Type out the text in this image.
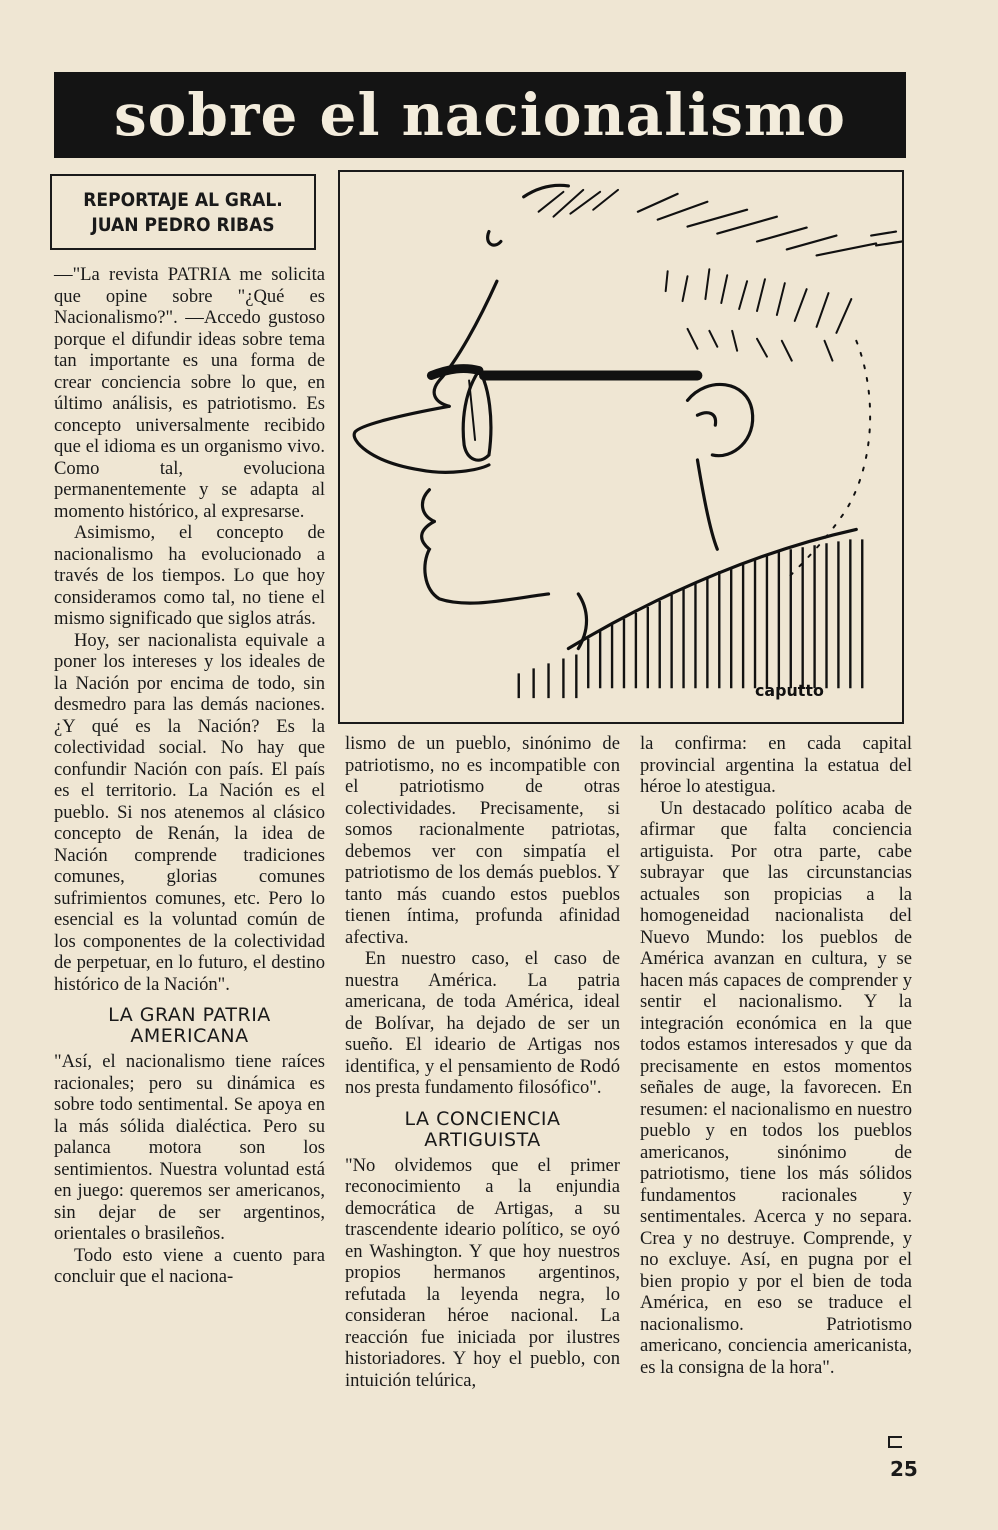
sobre el nacionalismo
REPORTAJE AL GRAL.
JUAN PEDRO RIBAS
caputto

—"La revista PATRIA me solicita que opine sobre "¿Qué es Nacionalismo?". —Accedo gustoso porque el difundir ideas sobre tema tan importante es una forma de crear conciencia sobre lo que, en último análisis, es patriotismo. Es concepto universalmente recibido que el idioma es un organismo vivo. Como tal, evoluciona permanentemente y se adapta al momento histórico, al expresarse.

Asimismo, el concepto de nacionalismo ha evolucionado a través de los tiempos. Lo que hoy consideramos como tal, no tiene el mismo significado que siglos atrás.

Hoy, ser nacionalista equivale a poner los intereses y los ideales de la Nación por encima de todo, sin desmedro para las demás naciones. ¿Y qué es la Nación? Es la colectividad social. No hay que confundir Nación con país. El país es el territorio. La Nación es el pueblo. Si nos atenemos al clásico concepto de Renán, la idea de Nación comprende tradiciones comunes, glorias comunes sufrimientos comunes, etc. Pero lo esencial es la voluntad común de los componentes de la colectividad de perpetuar, en lo futuro, el destino histórico de la Nación".

LA GRAN PATRIA AMERICANA

"Así, el nacionalismo tiene raíces racionales; pero su dinámica es sobre todo sentimental. Se apoya en la más sólida dialéctica. Pero su palanca motora son los sentimientos. Nuestra voluntad está en juego: queremos ser americanos, sin dejar de ser argentinos, orientales o brasileños.

Todo esto viene a cuento para concluir que el naciona-

lismo de un pueblo, sinónimo de patriotismo, no es incompatible con el patriotismo de otras colectividades. Precisamente, si somos racionalmente patriotas, debemos ver con simpatía el patriotismo de los demás pueblos. Y tanto más cuando estos pueblos tienen íntima, profunda afinidad afectiva.

En nuestro caso, el caso de nuestra América. La patria americana, de toda América, ideal de Bolívar, ha dejado de ser un sueño. El ideario de Artigas nos identifica, y el pensamiento de Rodó nos presta fundamento filosófico".

LA CONCIENCIA ARTIGUISTA

"No olvidemos que el primer reconocimiento a la enjundia democrática de Artigas, a su trascendente ideario político, se oyó en Washington. Y que hoy nuestros propios hermanos argentinos, refutada la leyenda negra, lo consideran héroe nacional. La reacción fue iniciada por ilustres historiadores. Y hoy el pueblo, con intuición telúrica,

la confirma: en cada capital provincial argentina la estatua del héroe lo atestigua.

Un destacado político acaba de afirmar que falta conciencia artiguista. Por otra parte, cabe subrayar que las circunstancias actuales son propicias a la homogeneidad nacionalista del Nuevo Mundo: los pueblos de América avanzan en cultura, y se hacen más capaces de comprender y sentir el nacionalismo. Y la integración económica en la que todos estamos interesados y que da precisamente en estos momentos señales de auge, la favorecen. En resumen: el nacionalismo en nuestro pueblo y en todos los pueblos americanos, sinónimo de patriotismo, tiene los más sólidos fundamentos racionales y sentimentales. Acerca y no separa. Crea y no destruye. Comprende, y no excluye. Así, en pugna por el bien propio y por el bien de toda América, en eso se traduce el nacionalismo. Patriotismo americano, conciencia americanista, es la consigna de la hora".

25
